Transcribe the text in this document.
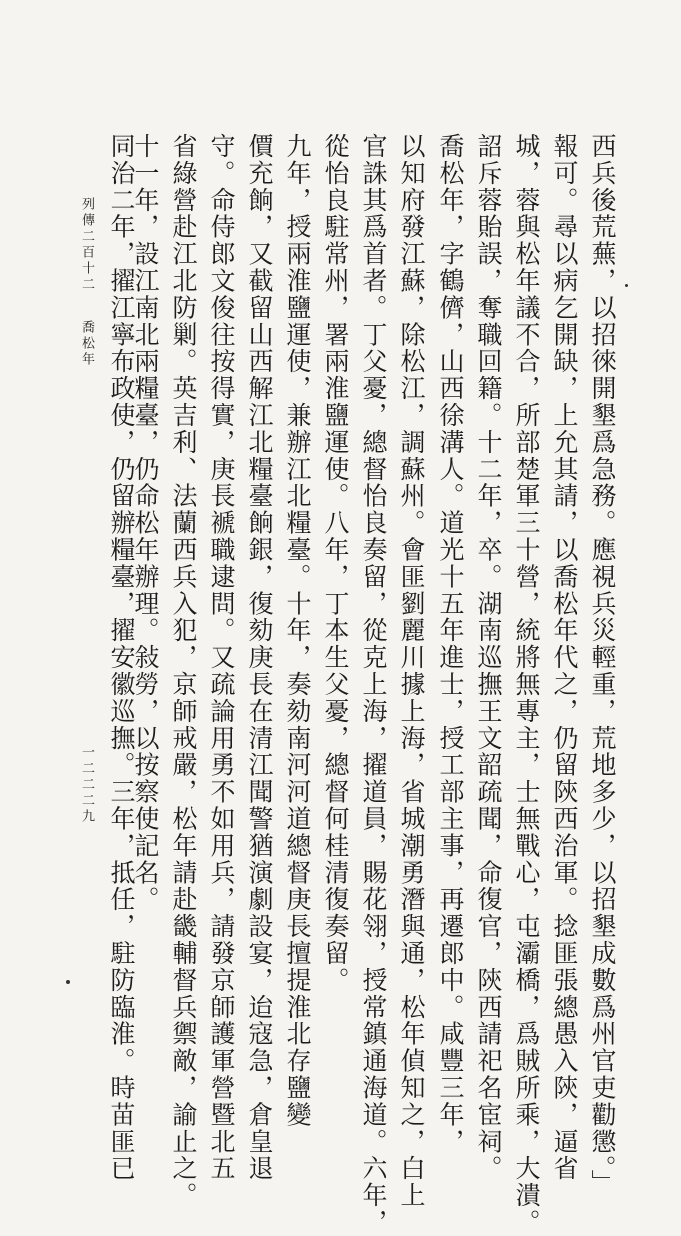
西兵後荒蕪，以招徠開墾爲急務。應視兵災輕重，荒地多少，以招墾成數爲州官吏勸懲。」
報可。尋以病乞開缺，上允其請，以喬松年代之，仍留陝西治軍。捻匪張總愚入陝，逼省
城，蓉與松年議不合，所部楚軍三十營，統將無專主，士無戰心，屯灞橋，爲賊所乘，大潰。
詔斥蓉貽誤，奪職回籍。十二年，卒。湖南巡撫王文韶疏聞，命復官，陝西請祀名宦祠。
喬松年，字鶴儕，山西徐溝人。道光十五年進士，授工部主事，再遷郎中。咸豐三年，
以知府發江蘇，除松江，調蘇州。會匪劉麗川據上海，省城潮勇潛與通，松年偵知之，白上
官誅其爲首者。丁父憂，總督怡良奏留，從克上海，擢道員，賜花翎，授常鎮通海道。六年，
從怡良駐常州，署兩淮鹽運使。八年，丁本生父憂，總督何桂清復奏留。
九年，授兩淮鹽運使，兼辦江北糧臺。十年，奏劾南河河道總督庚長擅提淮北存鹽變
價充餉，又截留山西解江北糧臺餉銀，復劾庚長在清江聞警猶演劇設宴，迨寇急，倉皇退
守。命侍郎文俊往按得實，庚長褫職逮問。又疏論用勇不如用兵，請發京師護軍營暨北五
省綠營赴江北防剿。英吉利、法蘭西兵入犯，京師戒嚴，松年請赴畿輔督兵禦敵，諭止之。
十一年，設江南北兩糧臺，仍命松年辦理。敍勞，以按察使記名。
同治二年，擢江寧布政使，仍留辦糧臺，擢安徽巡撫。三年，抵任，駐防臨淮。時苗匪已
列傳二百十二
喬松年
一二二二九
